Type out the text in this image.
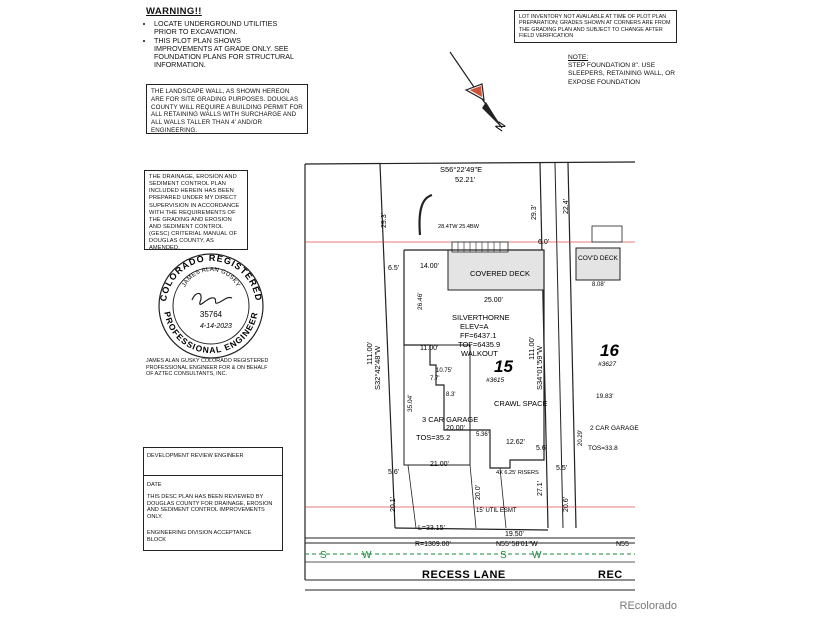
WARNING!!
• LOCATE UNDERGROUND UTILITIES PRIOR TO EXCAVATION.
• THIS PLOT PLAN SHOWS IMPROVEMENTS AT GRADE ONLY. SEE FOUNDATION PLANS FOR STRUCTURAL INFORMATION.
THE LANDSCAPE WALL, AS SHOWN HEREON ARE FOR SITE GRADING PURPOSES. DOUGLAS COUNTY WILL REQUIRE A BUILDING PERMIT FOR ALL RETAINING WALLS WITH SURCHARGE AND ALL WALLS TALLER THAN 4' AND/OR ENGINEERING.
LOT INVENTORY NOT AVAILABLE AT TIME OF PLOT PLAN PREPARATION; GRADES SHOWN AT CORNERS ARE FROM THE GRADING PLAN AND SUBJECT TO CHANGE AFTER FIELD VERIFICATION
NOTE:
STEP FOUNDATION 8". USE SLEEPERS, RETAINING WALL, OR EXPOSE FOUNDATION
N
THE DRAINAGE, EROSION AND SEDIMENT CONTROL PLAN INCLUDED HEREIN HAS BEEN PREPARED UNDER MY DIRECT SUPERVISION IN ACCORDANCE WITH THE REQUIREMENTS OF THE GRADING AND EROSION AND SEDIMENT CONTROL (GESC) CRITERIAL MANUAL OF DOUGLAS COUNTY, AS AMENDED.
COLORADO REGISTERED
PROFESSIONAL ENGINEER
JAMES ALAN GUSKY
35764
4-14-2023
JAMES ALAN GUSKY COLORADO REGISTERED PROFESSIONAL ENGINEER FOR & ON BEHALF OF AZTEC CONSULTANTS, INC.
DEVELOPMENT REVIEW ENGINEER
DATE
THIS DESC PLAN HAS BEEN REVIEWED BY DOUGLAS COUNTY FOR DRAINAGE, EROSION AND SEDIMENT CONTROL IMPROVEMENTS ONLY.
ENGINEERING DIVISION ACCEPTANCE BLOCK
S56°22'49"E
52.21'
S32°42'48"W
111.00'	S34°01'59"W
111.00'
19.50'
N55°58'01"W
R=1309.00'
L=33.15'
COVERED DECK
25.00'
14.00'
SILVERTHORNE
ELEV=A
FF=6437.1
TOF=6435.9
WALKOUT
15
#3615
16
#3627
CRAWL SPACE
3 CAR GARAGE
TOS=35.2
21.00'
35.04'
20.00'
12.62'
11.00'
26.46'
6.5'
6.0'
5.6'
5.6'
20.1'
20.0'	27.1'
29.3'
29.3'
4X 6.25' RISERS
15' UTIL ESMT
28.4TW 25.4BW
7.7'
8.3'
5.36'
10.75'
COV'D DECK
2 CAR GARAGE
TOS=33.8
19.83'
5.5'
20.6'
22.4'
20.29'
8.08'
N55
S	W	S	W
RECESS LANE	REC
REcolorado
